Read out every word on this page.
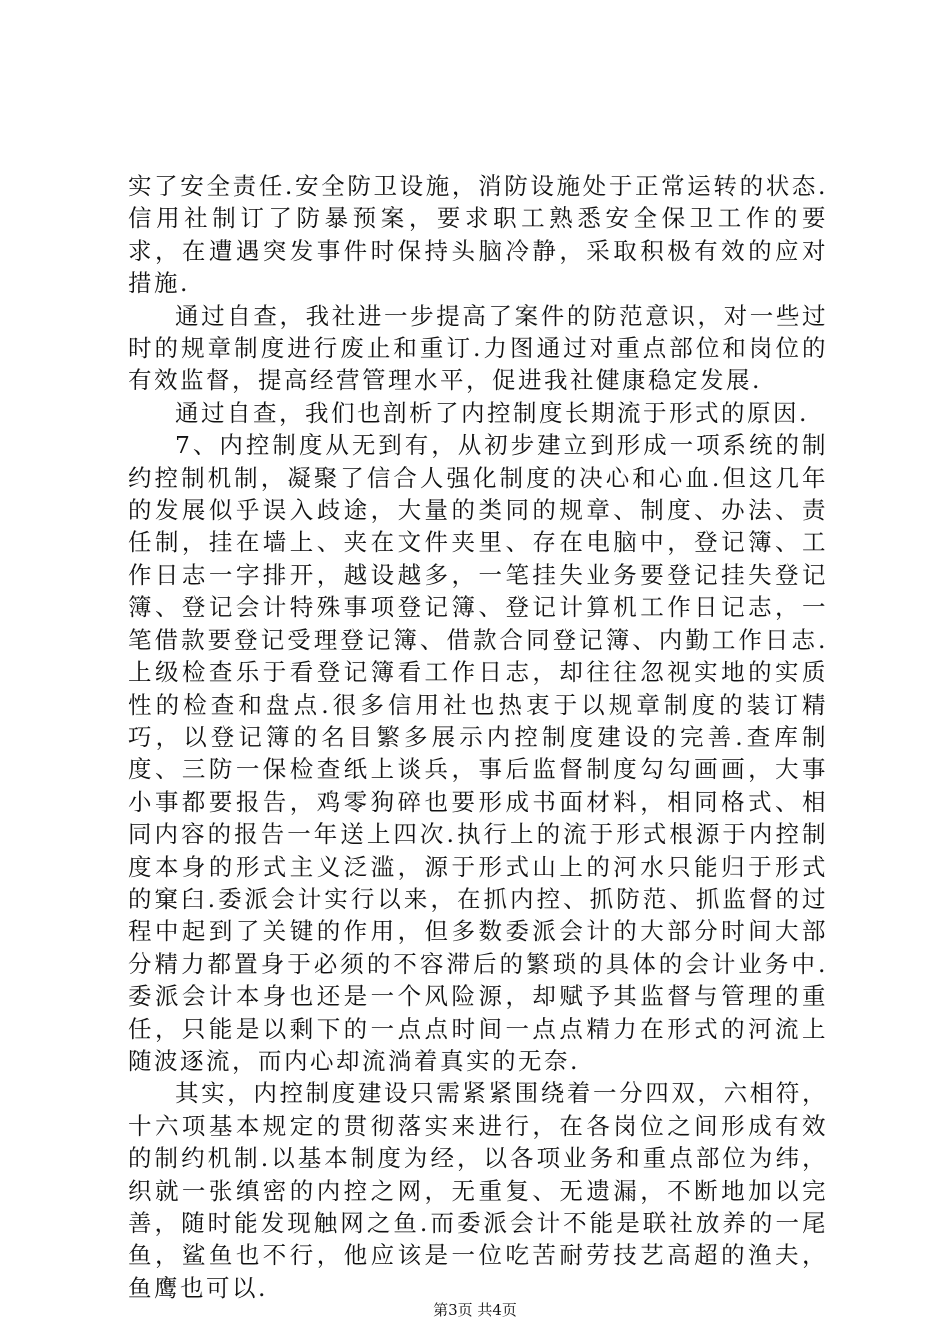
实了安全责任.安全防卫设施，消防设施处于正常运转的状态.信用社制订了防暴预案，要求职工熟悉安全保卫工作的要求，在遭遇突发事件时保持头脑冷静，采取积极有效的应对措施.

通过自查，我社进一步提高了案件的防范意识，对一些过时的规章制度进行废止和重订.力图通过对重点部位和岗位的有效监督，提高经营管理水平，促进我社健康稳定发展.

通过自查，我们也剖析了内控制度长期流于形式的原因.

7、内控制度从无到有，从初步建立到形成一项系统的制约控制机制，凝聚了信合人强化制度的决心和心血.但这几年的发展似乎误入歧途，大量的类同的规章、制度、办法、责任制，挂在墙上、夹在文件夹里、存在电脑中，登记簿、工作日志一字排开，越设越多，一笔挂失业务要登记挂失登记簿、登记会计特殊事项登记簿、登记计算机工作日记志，一笔借款要登记受理登记簿、借款合同登记簿、内勤工作日志.上级检查乐于看登记簿看工作日志，却往往忽视实地的实质性的检查和盘点.很多信用社也热衷于以规章制度的装订精巧，以登记簿的名目繁多展示内控制度建设的完善.查库制度、三防一保检查纸上谈兵，事后监督制度勾勾画画，大事小事都要报告，鸡零狗碎也要形成书面材料，相同格式、相同内容的报告一年送上四次.执行上的流于形式根源于内控制度本身的形式主义泛滥，源于形式山上的河水只能归于形式的窠臼.委派会计实行以来，在抓内控、抓防范、抓监督的过程中起到了关键的作用，但多数委派会计的大部分时间大部分精力都置身于必须的不容滞后的繁琐的具体的会计业务中.委派会计本身也还是一个风险源，却赋予其监督与管理的重任，只能是以剩下的一点点时间一点点精力在形式的河流上随波逐流，而内心却流淌着真实的无奈.

其实，内控制度建设只需紧紧围绕着一分四双，六相符，十六项基本规定的贯彻落实来进行，在各岗位之间形成有效的制约机制.以基本制度为经，以各项业务和重点部位为纬，织就一张缜密的内控之网，无重复、无遗漏，不断地加以完善，随时能发现触网之鱼.而委派会计不能是联社放养的一尾鱼，鲨鱼也不行，他应该是一位吃苦耐劳技艺高超的渔夫，鱼鹰也可以.

第3页 共4页
